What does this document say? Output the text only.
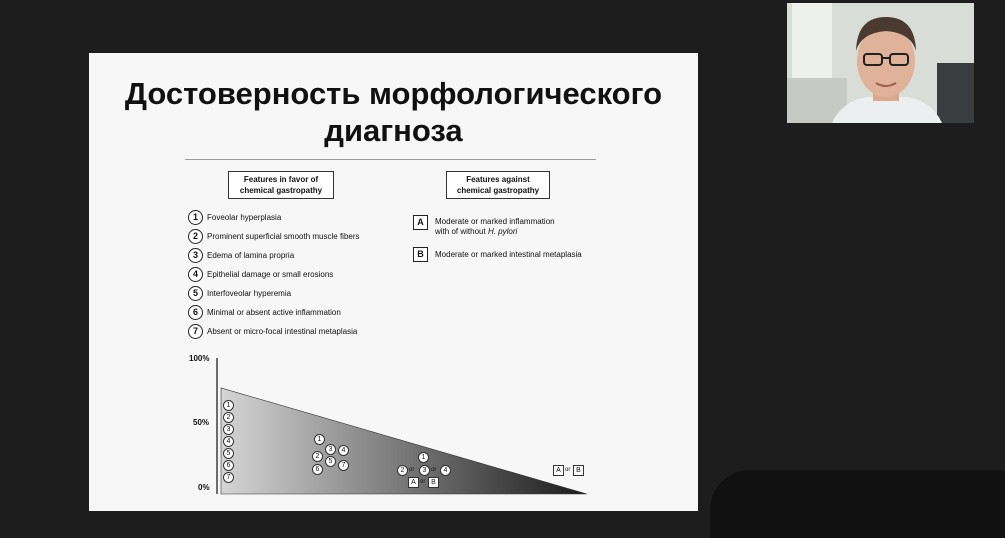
Достоверность морфологического
диагноза
Features in favor of
chemical gastropathy
Features against
chemical gastropathy
1	Foveolar hyperplasia
2	Prominent superficial smooth muscle fibers
3	Edema of lamina propria
4	Epithelial damage or small erosions
5	Interfoveolar hyperemia
6	Minimal or absent active inflammation
7	Absent or micro-focal intestinal metaplasia
A	Moderate or marked inflammation
with of without H. pylori
B	Moderate or marked intestinal metaplasia
100%
50%
0%
1
2
3
4
5
6
7
1
3	4
2
5
6
7
1
2 or	3 or	4
A or B
A or B
